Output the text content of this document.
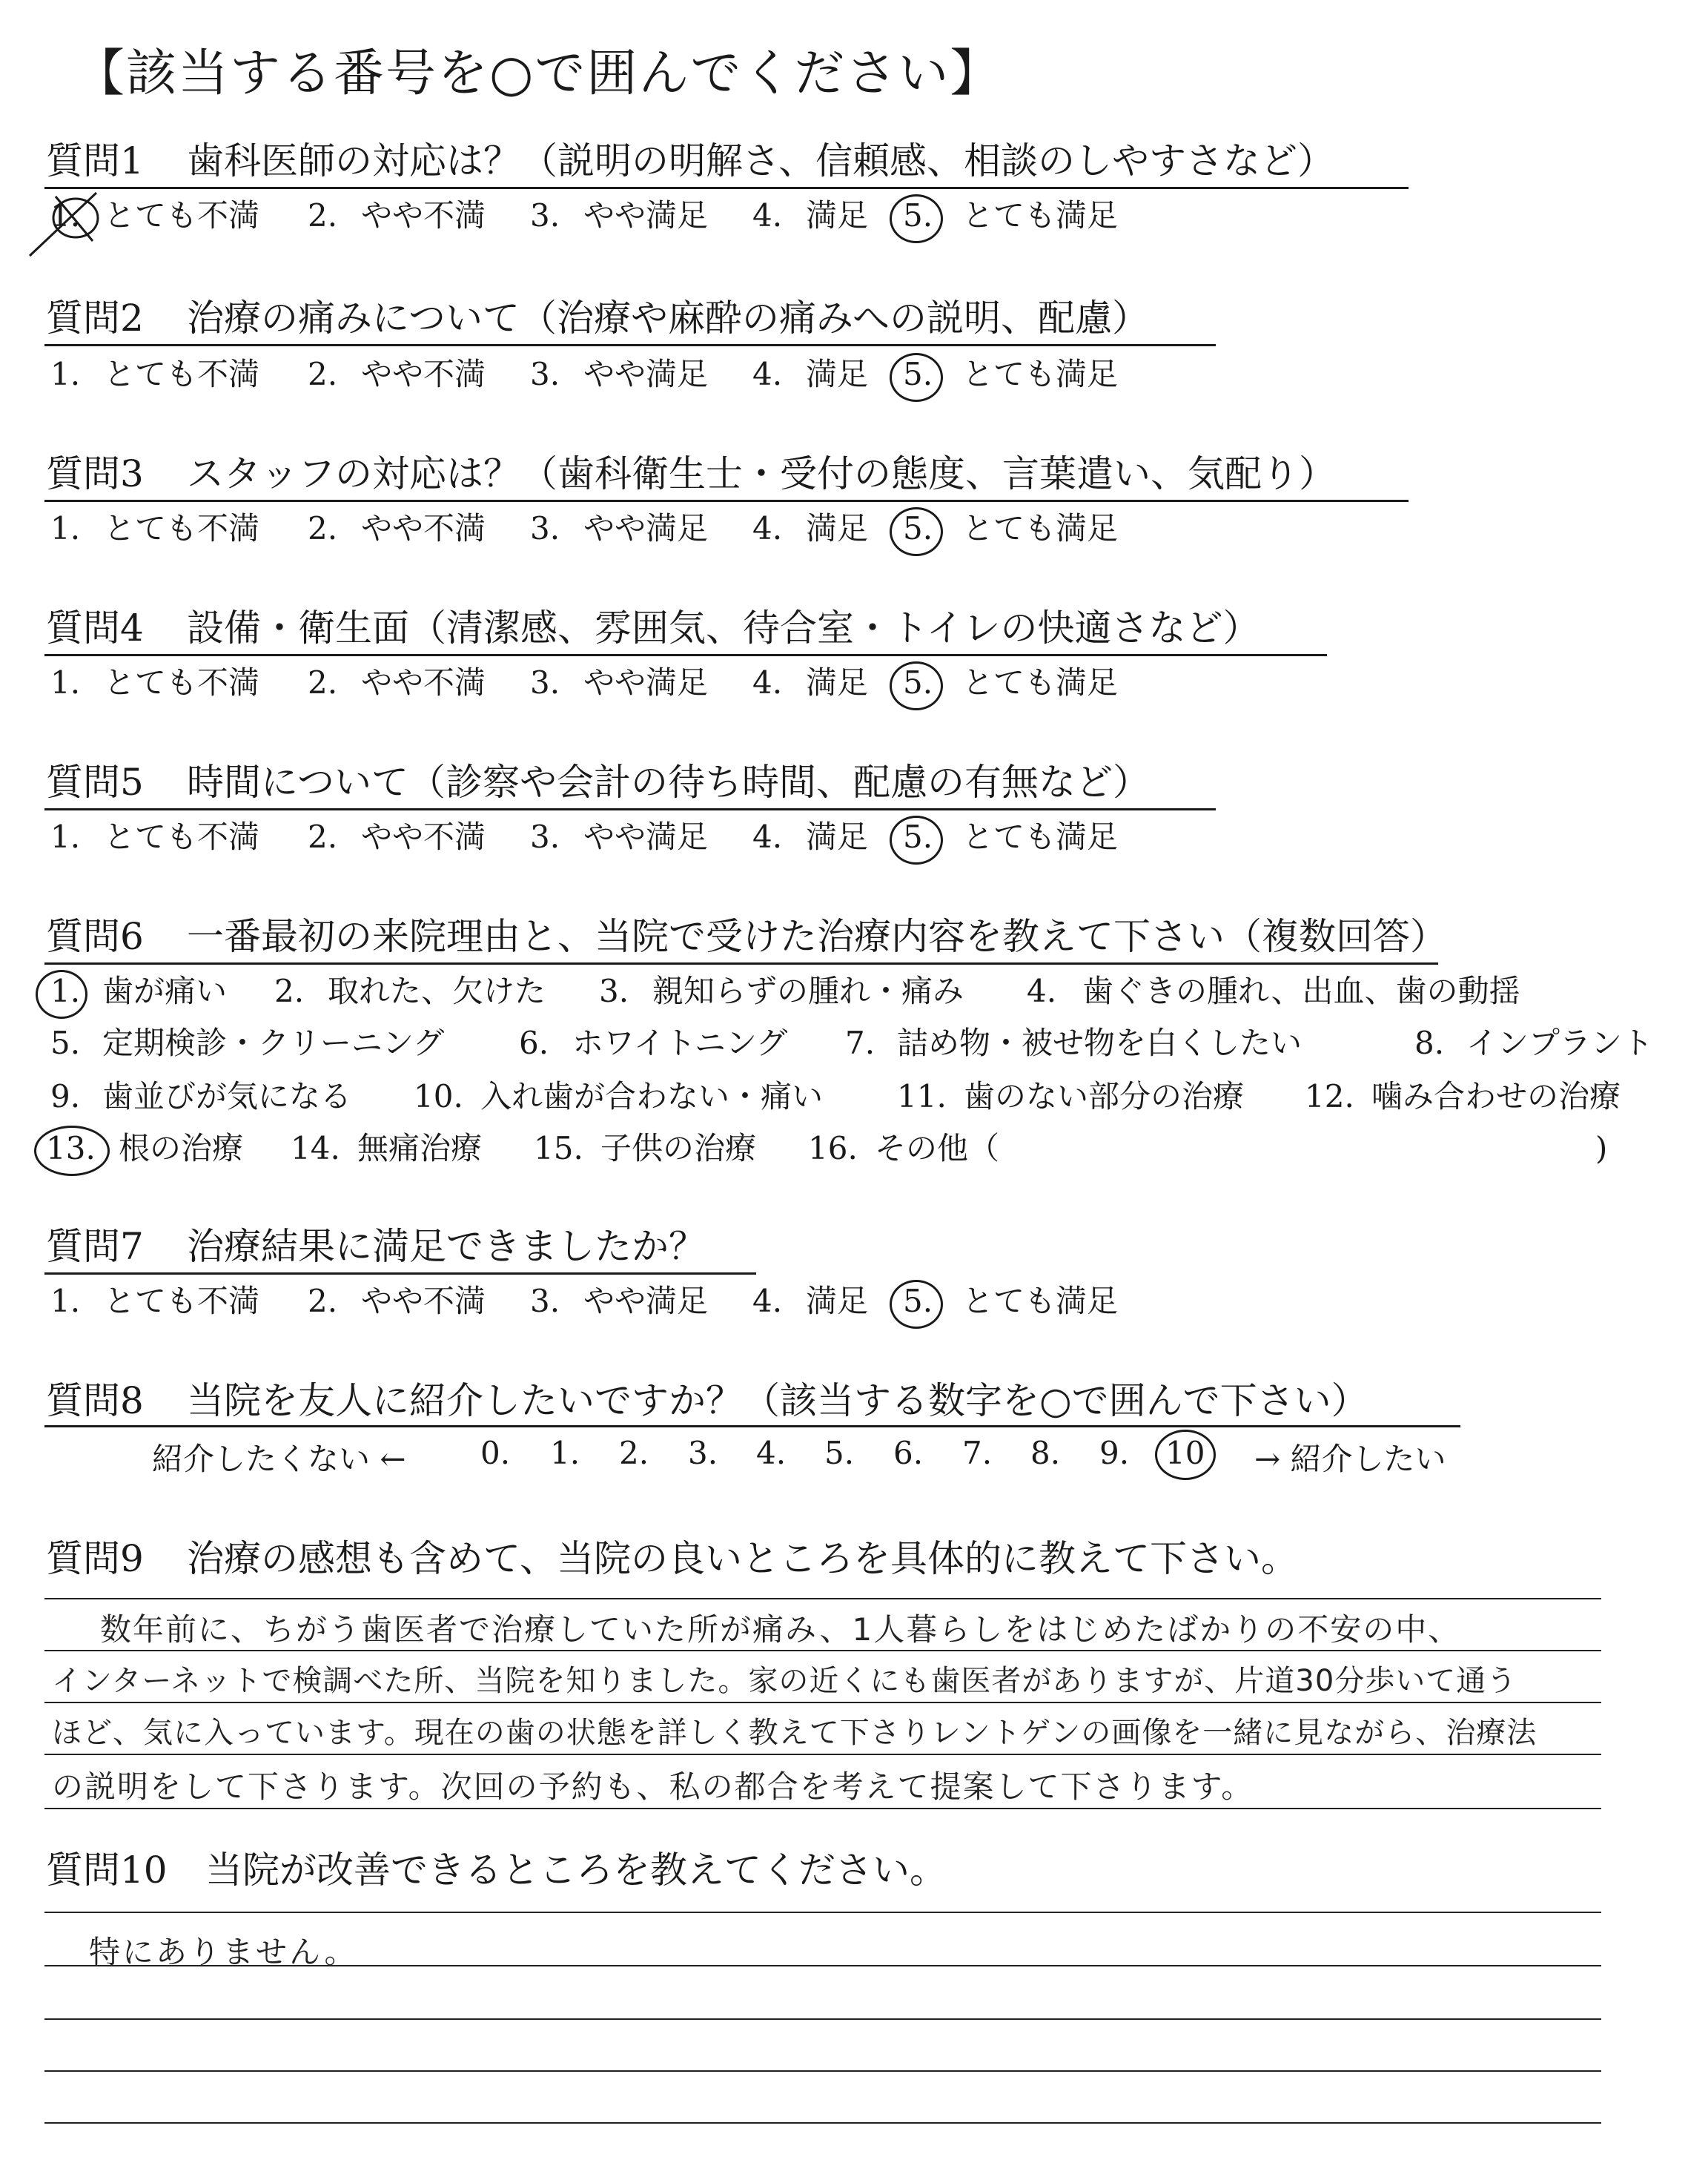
【該当する番号を○で囲んでください】
質問1 歯科医師の対応は？（説明の明解さ、信頼感、相談のしやすさなど）
1. とても不満 2. やや不満 3. やや満足 4. 満足 5. とても満足
質問2 治療の痛みについて（治療や麻酔の痛みへの説明、配慮）
1. とても不満 2. やや不満 3. やや満足 4. 満足 5. とても満足
質問3 スタッフの対応は？（歯科衛生士・受付の態度、言葉遣い、気配り）
1. とても不満 2. やや不満 3. やや満足 4. 満足 5. とても満足
質問4 設備・衛生面（清潔感、雰囲気、待合室・トイレの快適さなど）
1. とても不満 2. やや不満 3. やや満足 4. 満足 5. とても満足
質問5 時間について（診察や会計の待ち時間、配慮の有無など）
1. とても不満 2. やや不満 3. やや満足 4. 満足 5. とても満足
質問6 一番最初の来院理由と、当院で受けた治療内容を教えて下さい（複数回答）
1. 歯が痛い 2. 取れた、欠けた 3. 親知らずの腫れ・痛み 4. 歯ぐきの腫れ、出血、歯の動揺
5. 定期検診・クリーニング 6. ホワイトニング 7. 詰め物・被せ物を白くしたい	8. インプラント
9. 歯並びが気になる 10. 入れ歯が合わない・痛い 11. 歯のない部分の治療 12. 噛み合わせの治療
13. 根の治療 14. 無痛治療 15. 子供の治療 16. その他（	)
質問7 治療結果に満足できましたか？
1. とても不満 2. やや不満 3. やや満足 4. 満足 5. とても満足
質問8 当院を友人に紹介したいですか？（該当する数字を○で囲んで下さい）
紹介したくない ← 0. 1. 2. 3. 4. 5. 6. 7. 8. 9. 10 → 紹介したい
質問9 治療の感想も含めて、当院の良いところを具体的に教えて下さい。
数年前に、ちがう歯医者で治療していた所が痛み、1人暮らしをはじめたばかりの不安の中、
インターネットで検調べた所、当院を知りました。家の近くにも歯医者がありますが、片道30分歩いて通う
ほど、気に入っています。現在の歯の状態を詳しく教えて下さりレントゲンの画像を一緒に見ながら、治療法
の説明をして下さります。次回の予約も、私の都合を考えて提案して下さります。
質問10 当院が改善できるところを教えてください。
特にありません。
